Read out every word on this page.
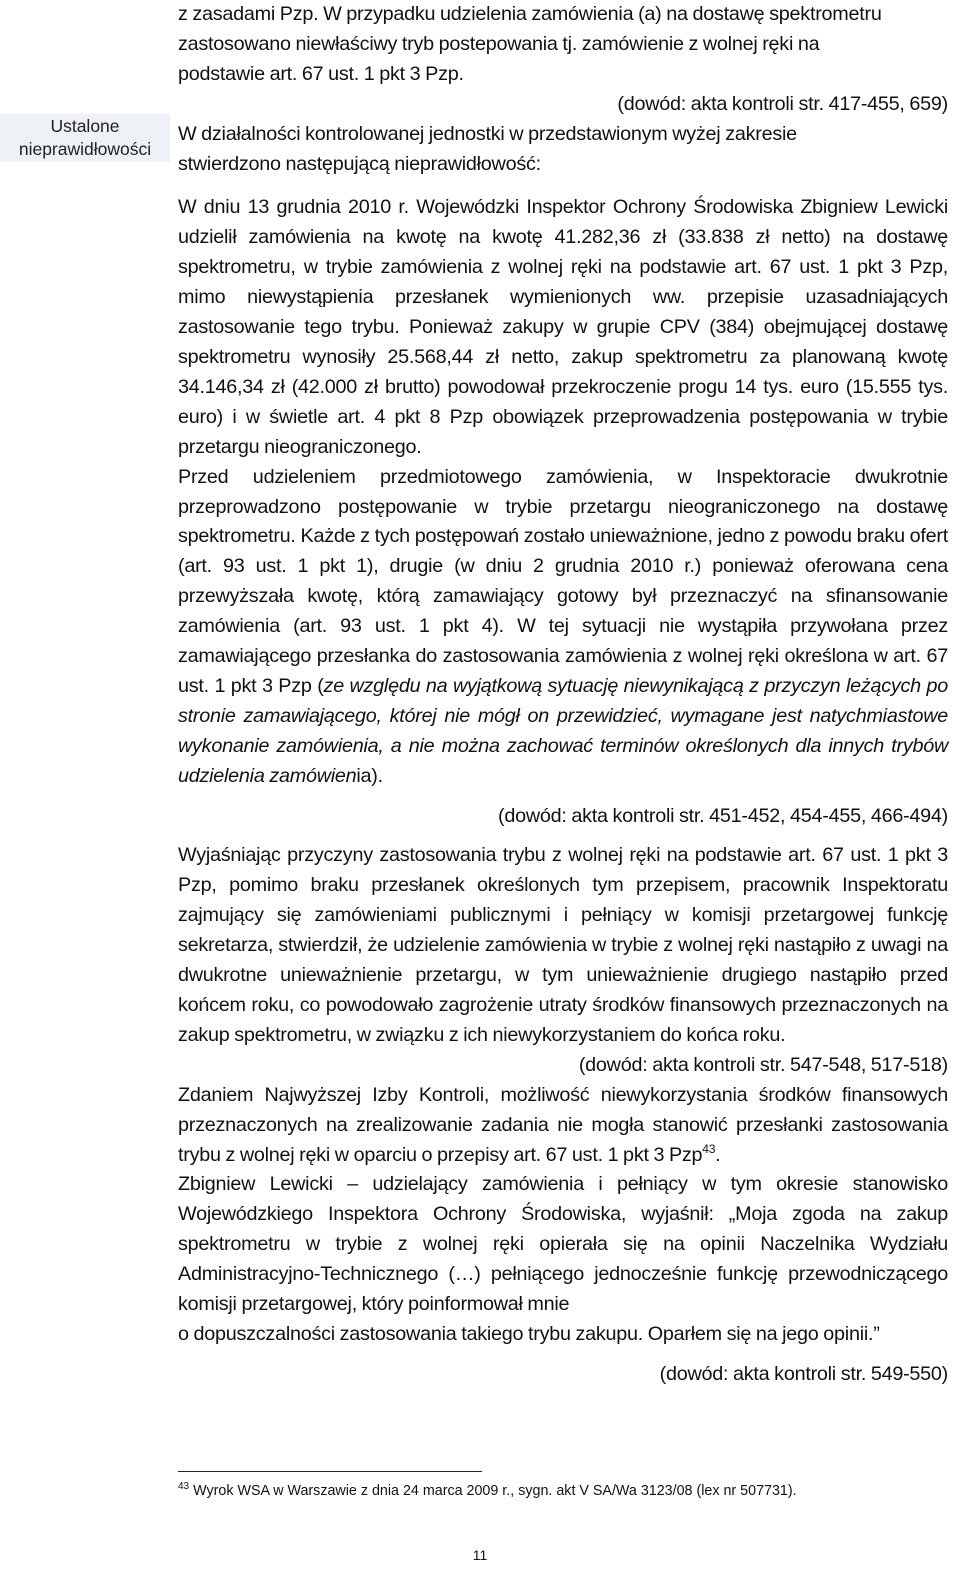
Ustalone
nieprawidłowości

z zasadami Pzp. W przypadku udzielenia zamówienia (a) na dostawę spektrometru

zastosowano niewłaściwy tryb postepowania tj. zamówienie z wolnej ręki na

podstawie art. 67 ust. 1 pkt 3 Pzp.

(dowód: akta kontroli str. 417-455, 659)

W działalności kontrolowanej jednostki w przedstawionym wyżej zakresie

stwierdzono następującą nieprawidłowość:

W dniu 13 grudnia 2010 r. Wojewódzki Inspektor Ochrony Środowiska Zbigniew Lewicki udzielił zamówienia na kwotę na kwotę 41.282,36 zł (33.838 zł netto) na dostawę spektrometru, w trybie zamówienia z wolnej ręki na podstawie art. 67 ust. 1 pkt 3 Pzp, mimo niewystąpienia przesłanek wymienionych ww. przepisie uzasadniających zastosowanie tego trybu. Ponieważ zakupy w grupie CPV (384) obejmującej dostawę spektrometru wynosiły 25.568,44 zł netto, zakup spektrometru za planowaną kwotę 34.146,34 zł (42.000 zł brutto) powodował przekroczenie progu 14 tys. euro (15.555 tys. euro) i w świetle art. 4 pkt 8 Pzp obowiązek przeprowadzenia postępowania w trybie przetargu nieograniczonego.

Przed udzieleniem przedmiotowego zamówienia, w Inspektoracie dwukrotnie przeprowadzono postępowanie w trybie przetargu nieograniczonego na dostawę spektrometru. Każde z tych postępowań zostało unieważnione, jedno z powodu braku ofert (art. 93 ust. 1 pkt 1), drugie (w dniu 2 grudnia 2010 r.) ponieważ oferowana cena przewyższała kwotę, którą zamawiający gotowy był przeznaczyć na sfinansowanie zamówienia (art. 93 ust. 1 pkt 4). W tej sytuacji nie wystąpiła przywołana przez zamawiającego przesłanka do zastosowania zamówienia z wolnej ręki określona w art. 67 ust. 1 pkt 3 Pzp (ze względu na wyjątkową sytuację niewynikającą z przyczyn leżących po stronie zamawiającego, której nie mógł on przewidzieć, wymagane jest natychmiastowe wykonanie zamówienia, a nie można zachować terminów określonych dla innych trybów udzielenia zamówienia).

(dowód: akta kontroli str. 451-452, 454-455, 466-494)

Wyjaśniając przyczyny zastosowania trybu z wolnej ręki na podstawie art. 67 ust. 1 pkt 3 Pzp, pomimo braku przesłanek określonych tym przepisem, pracownik Inspektoratu zajmujący się zamówieniami publicznymi i pełniący w komisji przetargowej funkcję sekretarza, stwierdził, że udzielenie zamówienia w trybie z wolnej ręki nastąpiło z uwagi na dwukrotne unieważnienie przetargu, w tym unieważnienie drugiego nastąpiło przed końcem roku, co powodowało zagrożenie utraty środków finansowych przeznaczonych na zakup spektrometru, w związku z ich niewykorzystaniem do końca roku.

(dowód: akta kontroli str. 547-548, 517-518)

Zdaniem Najwyższej Izby Kontroli, możliwość niewykorzystania środków finansowych przeznaczonych na zrealizowanie zadania nie mogła stanowić przesłanki zastosowania trybu z wolnej ręki w oparciu o przepisy art. 67 ust. 1 pkt 3 Pzp$^{43}$.

Zbigniew Lewicki – udzielający zamówienia i pełniący w tym okresie stanowisko Wojewódzkiego Inspektora Ochrony Środowiska, wyjaśnił: „Moja zgoda na zakup spektrometru w trybie z wolnej ręki opierała się na opinii Naczelnika Wydziału Administracyjno-Technicznego (…) pełniącego jednocześnie funkcję przewodniczącego komisji przetargowej, który poinformował mnie

o dopuszczalności zastosowania takiego trybu zakupu. Oparłem się na jego opinii.”

(dowód: akta kontroli str. 549-550)

$^{43}$ Wyrok WSA w Warszawie z dnia 24 marca 2009 r., sygn. akt V SA/Wa 3123/08 (lex nr 507731).
11
